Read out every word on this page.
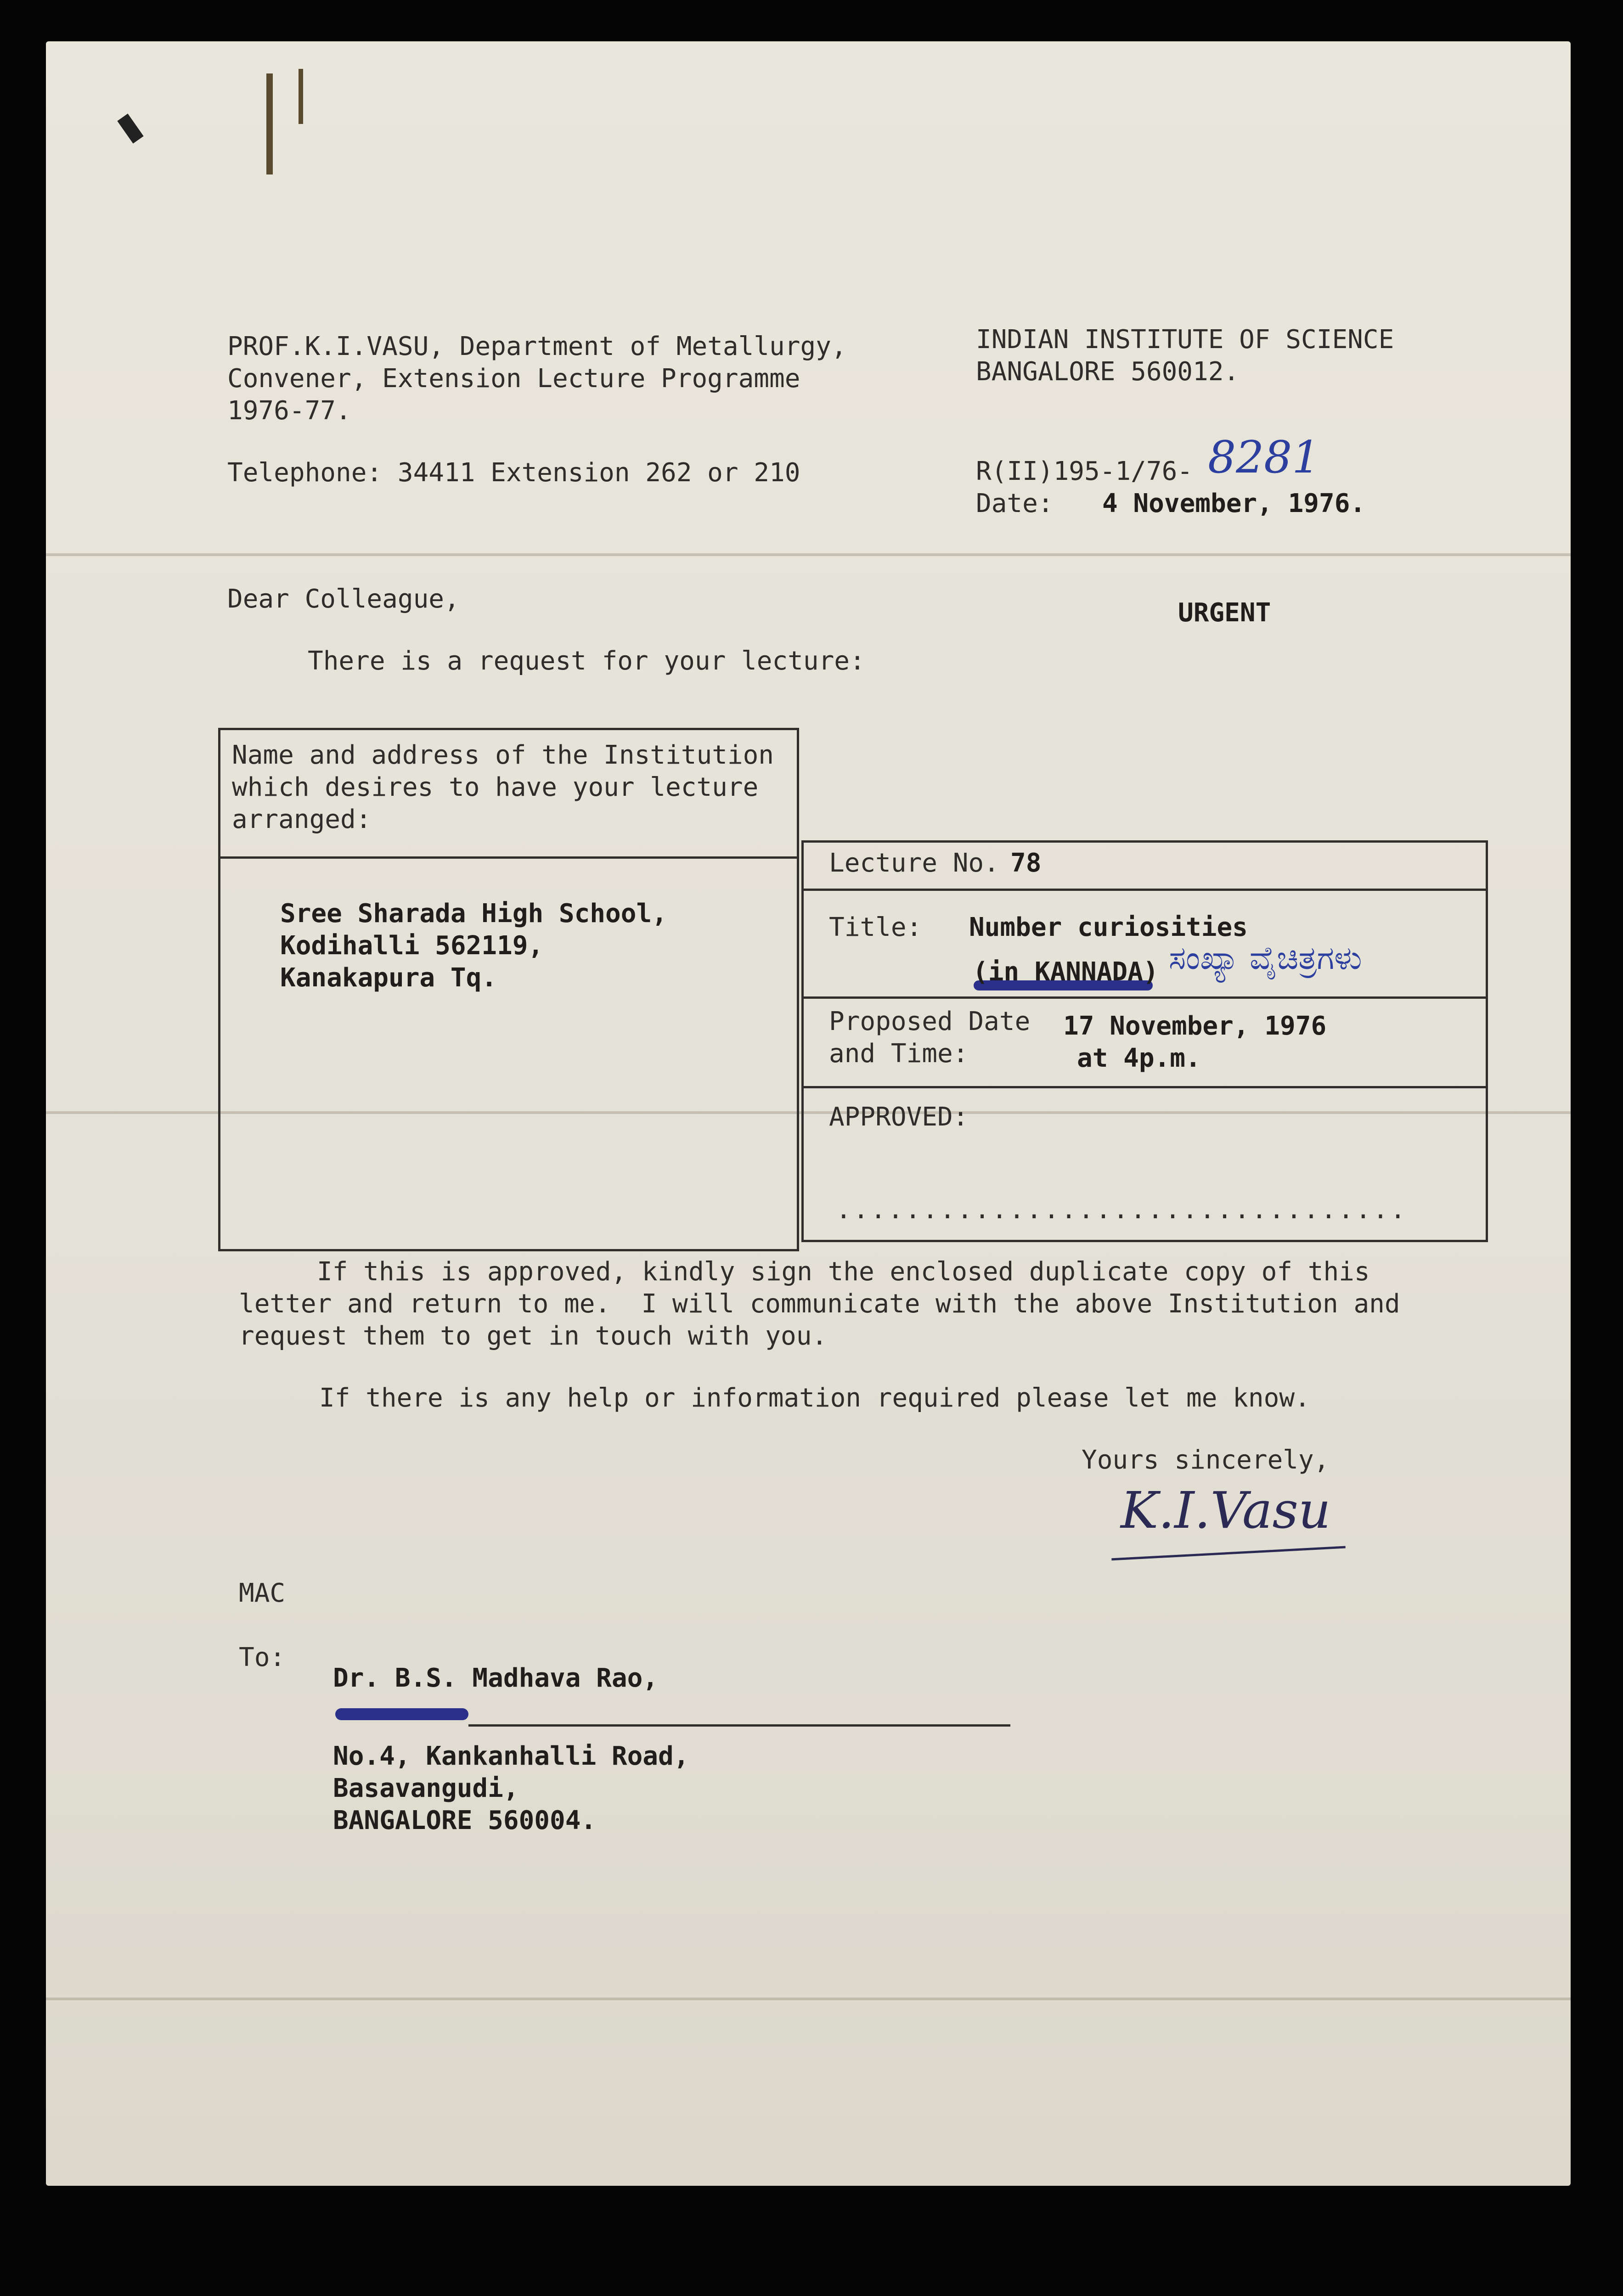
PROF.K.I.VASU, Department of Metallurgy,
Convener, Extension Lecture Programme
1976-77.
Telephone: 34411 Extension 262 or 210
INDIAN INSTITUTE OF SCIENCE
BANGALORE 560012.
R(II)195-1/76- 8281
Date: 4 November, 1976.
Dear Colleague,	URGENT
There is a request for your lecture:
Name and address of the Institution
which desires to have your lecture
arranged:
Sree Sharada High School,
Kodihalli 562119,
Kanakapura Tq.
Lecture No. 78
Title: Number curiosities
(in KANNADA) ಸಂಖ್ಯಾ ವೈಚಿತ್ರಗಳು
Proposed Date
and Time:
17 November, 1976
at 4p.m.
APPROVED:
.................................
If this is approved, kindly sign the enclosed duplicate copy of this
letter and return to me.  I will communicate with the above Institution and
request them to get in touch with you.
If there is any help or information required please let me know.
Yours sincerely,
K.I.Vasu
MAC
To:
Dr. B.S. Madhava Rao,
No.4, Kankanhalli Road,
Basavangudi,
BANGALORE 560004.
